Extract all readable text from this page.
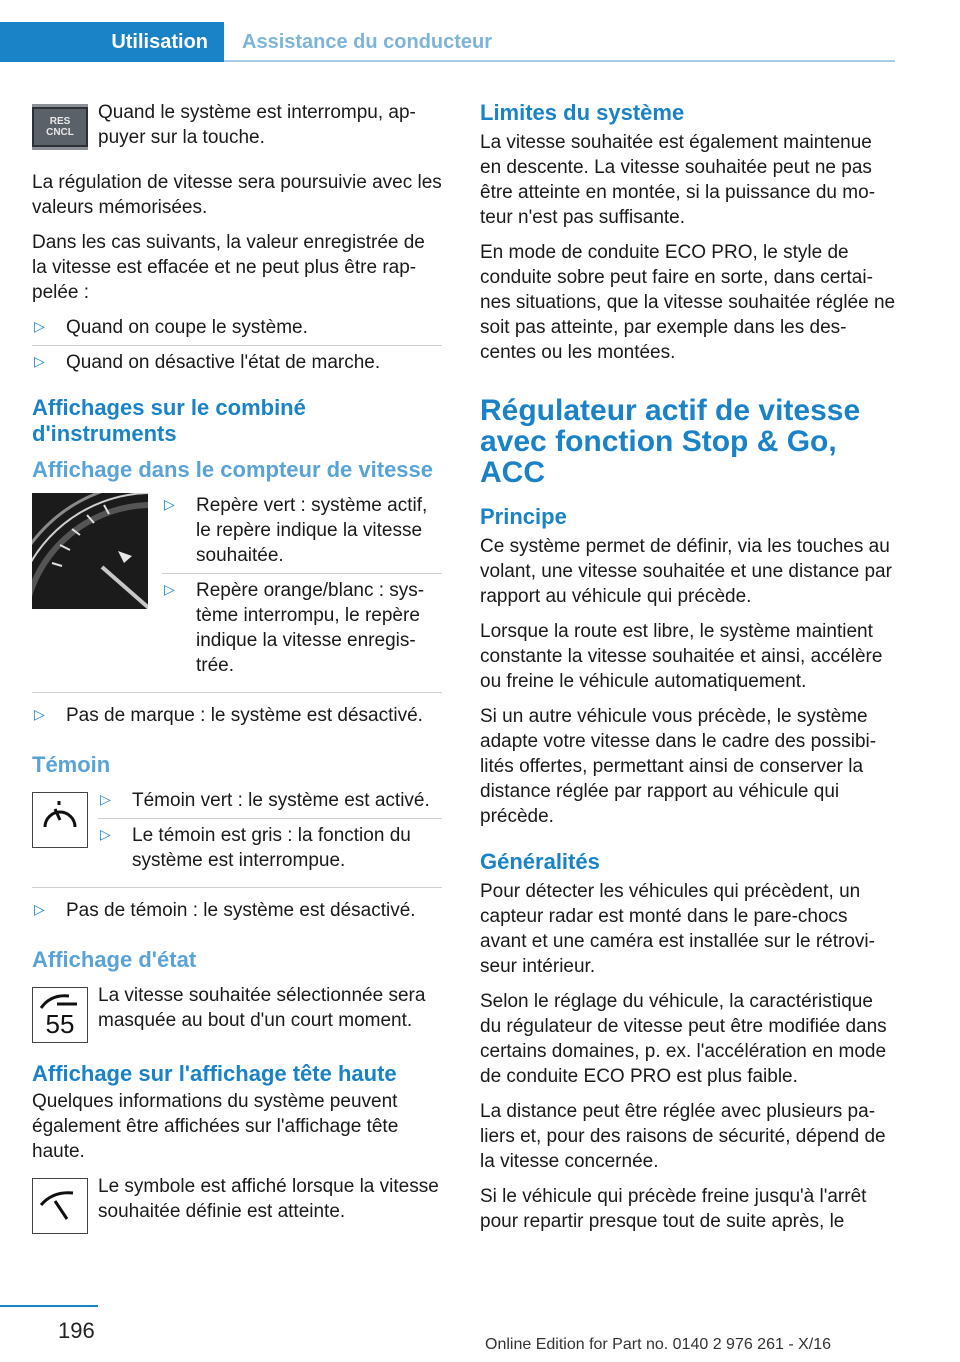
Utilisation	Assistance du conducteur
RES
CNCL

Quand le système est interrompu, appuyer sur la touche.

La régulation de vitesse sera poursuivie avec les valeurs mémorisées.

Dans les cas suivants, la valeur enregistrée de la vitesse est effacée et ne peut plus être rappelée :

▷ Quand on coupe le système.
▷ Quand on désactive l'état de marche.
Affichages sur le combiné d'instruments
Affichage dans le compteur de vitesse
▷ Repère vert : système actif, le repère indique la vitesse souhaitée.
▷ Repère orange/blanc : système interrompu, le repère indique la vitesse enregistrée.
▷ Pas de marque : le système est désactivé.
Témoin
▷ Témoin vert : le système est activé.
▷ Le témoin est gris : la fonction du système est interrompue.
▷ Pas de témoin : le système est désactivé.
Affichage d'état
55

La vitesse souhaitée sélectionnée sera masquée au bout d'un court moment.

Affichage sur l'affichage tête haute

Quelques informations du système peuvent également être affichées sur l'affichage tête haute.

Le symbole est affiché lorsque la vitesse souhaitée définie est atteinte.

Limites du système

La vitesse souhaitée est également maintenue en descente. La vitesse souhaitée peut ne pas être atteinte en montée, si la puissance du moteur n'est pas suffisante.

En mode de conduite ECO PRO, le style de conduite sobre peut faire en sorte, dans certaines situations, que la vitesse souhaitée réglée ne soit pas atteinte, par exemple dans les descentes ou les montées.

Régulateur actif de vitesse avec fonction Stop & Go, ACC
Principe

Ce système permet de définir, via les touches au volant, une vitesse souhaitée et une distance par rapport au véhicule qui précède.

Lorsque la route est libre, le système maintient constante la vitesse souhaitée et ainsi, accélère ou freine le véhicule automatiquement.

Si un autre véhicule vous précède, le système adapte votre vitesse dans le cadre des possibilités offertes, permettant ainsi de conserver la distance réglée par rapport au véhicule qui précède.

Généralités

Pour détecter les véhicules qui précèdent, un capteur radar est monté dans le pare-chocs avant et une caméra est installée sur le rétroviseur intérieur.

Selon le réglage du véhicule, la caractéristique du régulateur de vitesse peut être modifiée dans certains domaines, p. ex. l'accélération en mode de conduite ECO PRO est plus faible.

La distance peut être réglée avec plusieurs paliers et, pour des raisons de sécurité, dépend de la vitesse concernée.

Si le véhicule qui précède freine jusqu'à l'arrêt pour repartir presque tout de suite après, le

196
Online Edition for Part no. 0140 2 976 261 - X/16
